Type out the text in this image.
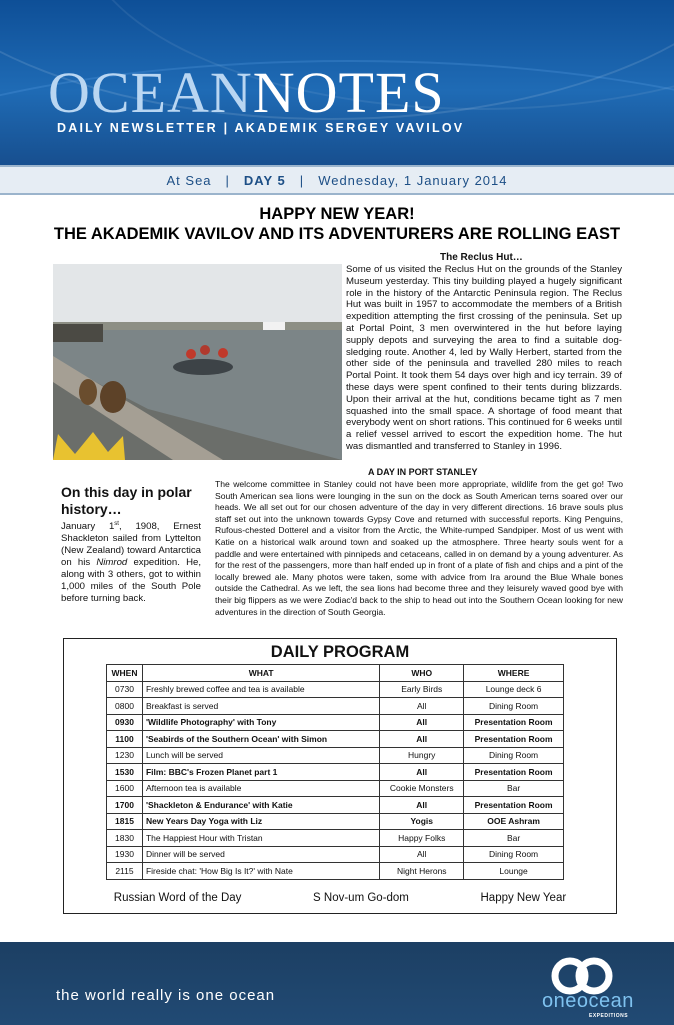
OCEANNOTES
DAILY NEWSLETTER | AKADEMIK SERGEY VAVILOV
At Sea | DAY 5 | Wednesday, 1 January 2014
HAPPY NEW YEAR!
THE AKADEMIK VAVILOV AND ITS ADVENTURERS ARE ROLLING EAST
The Reclus Hut…
Some of us visited the Reclus Hut on the grounds of the Stanley Museum yesterday. This tiny building played a hugely significant role in the history of the Antarctic Peninsula region. The Reclus Hut was built in 1957 to accommodate the members of a British expedition attempting the first crossing of the peninsula. Set up at Portal Point, 3 men overwintered in the hut before laying supply depots and surveying the area to find a suitable dog-sledging route. Another 4, led by Wally Herbert, started from the other side of the peninsula and travelled 280 miles to reach Portal Point. It took them 54 days over high and icy terrain. 39 of these days were spent confined to their tents during blizzards. Upon their arrival at the hut, conditions became tight as 7 men squashed into the small space. A shortage of food meant that everybody went on short rations. This continued for 6 weeks until a relief vessel arrived to escort the expedition home. The hut was dismantled and transferred to Stanley in 1996.
A DAY IN PORT STANLEY
The welcome committee in Stanley could not have been more appropriate, wildlife from the get go! Two South American sea lions were lounging in the sun on the dock as South American terns soared over our heads. We all set out for our chosen adventure of the day in very different directions. 16 brave souls plus staff set out into the unknown towards Gypsy Cove and returned with successful reports. King Penguins, Rufous-chested Dotterel and a visitor from the Arctic, the White-rumped Sandpiper. Most of us went with Katie on a historical walk around town and soaked up the atmosphere. Three hearty souls went for a paddle and were entertained with pinnipeds and cetaceans, called in on demand by a young adventurer. As for the rest of the passengers, more than half ended up in front of a plate of fish and chips and a pint of the locally brewed ale. Many photos were taken, some with advice from Ira around the Blue Whale bones outside the Cathedral. As we left, the sea lions had become three and they leisurely waved good bye with their big flippers as we were Zodiac'd back to the ship to head out into the Southern Ocean looking for new adventures in the direction of South Georgia.
On this day in polar history…
January 1st, 1908, Ernest Shackleton sailed from Lyttelton (New Zealand) toward Antarctica on his Nimrod expedition. He, along with 3 others, got to within 1,000 miles of the South Pole before turning back.
DAILY PROGRAM
WHEN	WHAT	WHO	WHERE
0730	Freshly brewed coffee and tea is available	Early Birds	Lounge deck 6
0800	Breakfast is served	All	Dining Room
0930	'Wildlife Photography' with Tony	All	Presentation Room
1100	'Seabirds of the Southern Ocean' with Simon	All	Presentation Room
1230	Lunch will be served	Hungry	Dining Room
1530	Film: BBC's Frozen Planet part 1	All	Presentation Room
1600	Afternoon tea is available	Cookie Monsters	Bar
1700	'Shackleton & Endurance' with Katie	All	Presentation Room
1815	New Years Day Yoga with Liz	Yogis	OOE Ashram
1830	The Happiest Hour with Tristan	Happy Folks	Bar
1930	Dinner will be served	All	Dining Room
2115	Fireside chat: 'How Big Is It?' with Nate	Night Herons	Lounge
Russian Word of the Day	S Nov-um Go-dom	Happy New Year
the world really is one ocean	oneocean
EXPEDITIONS
